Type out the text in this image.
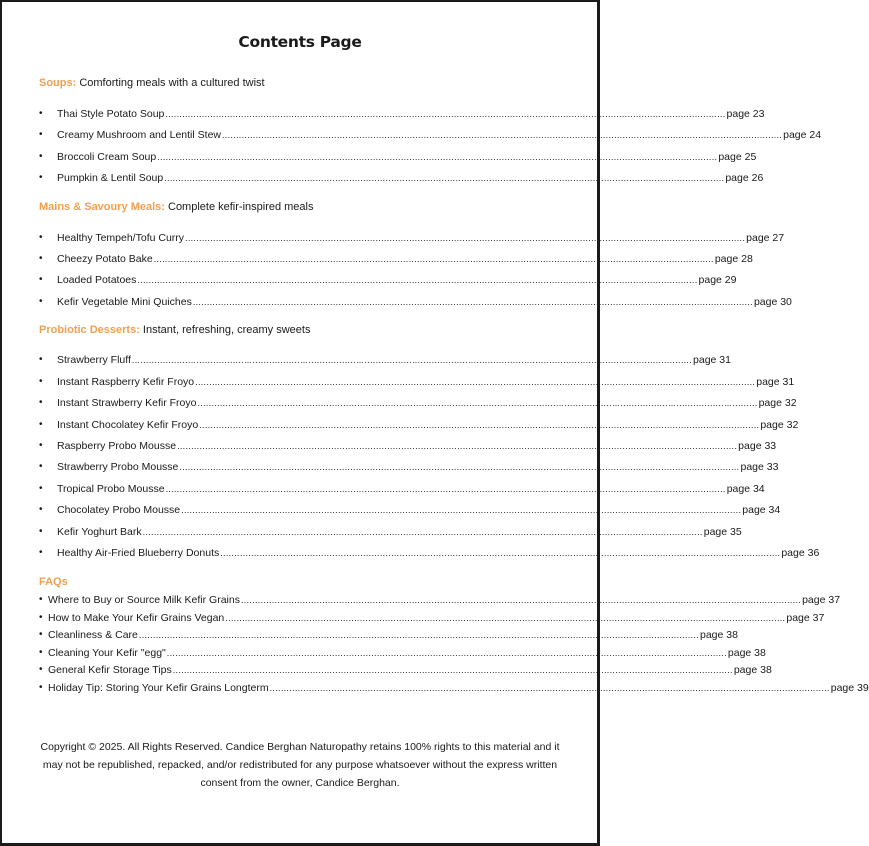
Contents Page
Soups: Comforting meals with a cultured twist
•	Thai Style Potato Soup ........................................................................................................................................................................................................ page 23
•	Creamy Mushroom and Lentil Stew ........................................................................................................................................................................................................ page 24
•	Broccoli Cream Soup ........................................................................................................................................................................................................ page 25
•	Pumpkin & Lentil Soup ........................................................................................................................................................................................................ page 26
Mains & Savoury Meals: Complete kefir-inspired meals
•	Healthy Tempeh/Tofu Curry ........................................................................................................................................................................................................ page 27
•	Cheezy Potato Bake ........................................................................................................................................................................................................ page 28
•	Loaded Potatoes ........................................................................................................................................................................................................ page 29
•	Kefir Vegetable Mini Quiches ........................................................................................................................................................................................................ page 30
Probiotic Desserts: Instant, refreshing, creamy sweets
•	Strawberry Fluff ........................................................................................................................................................................................................ page 31
•	Instant Raspberry Kefir Froyo ........................................................................................................................................................................................................ page 31
•	Instant Strawberry Kefir Froyo ........................................................................................................................................................................................................ page 32
•	Instant Chocolatey Kefir Froyo ........................................................................................................................................................................................................ page 32
•	Raspberry Probo Mousse ........................................................................................................................................................................................................ page 33
•	Strawberry Probo Mousse ........................................................................................................................................................................................................ page 33
•	Tropical Probo Mousse ........................................................................................................................................................................................................ page 34
•	Chocolatey Probo Mousse ........................................................................................................................................................................................................ page 34
•	Kefir Yoghurt Bark ........................................................................................................................................................................................................ page 35
•	Healthy Air-Fried Blueberry Donuts ........................................................................................................................................................................................................ page 36
FAQs
• Where to Buy or Source Milk Kefir Grains ........................................................................................................................................................................................................ page 37
• How to Make Your Kefir Grains Vegan ........................................................................................................................................................................................................ page 37
• Cleanliness & Care ........................................................................................................................................................................................................ page 38
• Cleaning Your Kefir "egg" ........................................................................................................................................................................................................ page 38
• General Kefir Storage Tips ........................................................................................................................................................................................................ page 38
• Holiday Tip: Storing Your Kefir Grains Longterm ........................................................................................................................................................................................................ page 39
Copyright © 2025. All Rights Reserved. Candice Berghan Naturopathy retains 100% rights to this material and it may not be republished, repacked, and/or redistributed for any purpose whatsoever without the express written consent from the owner, Candice Berghan.
